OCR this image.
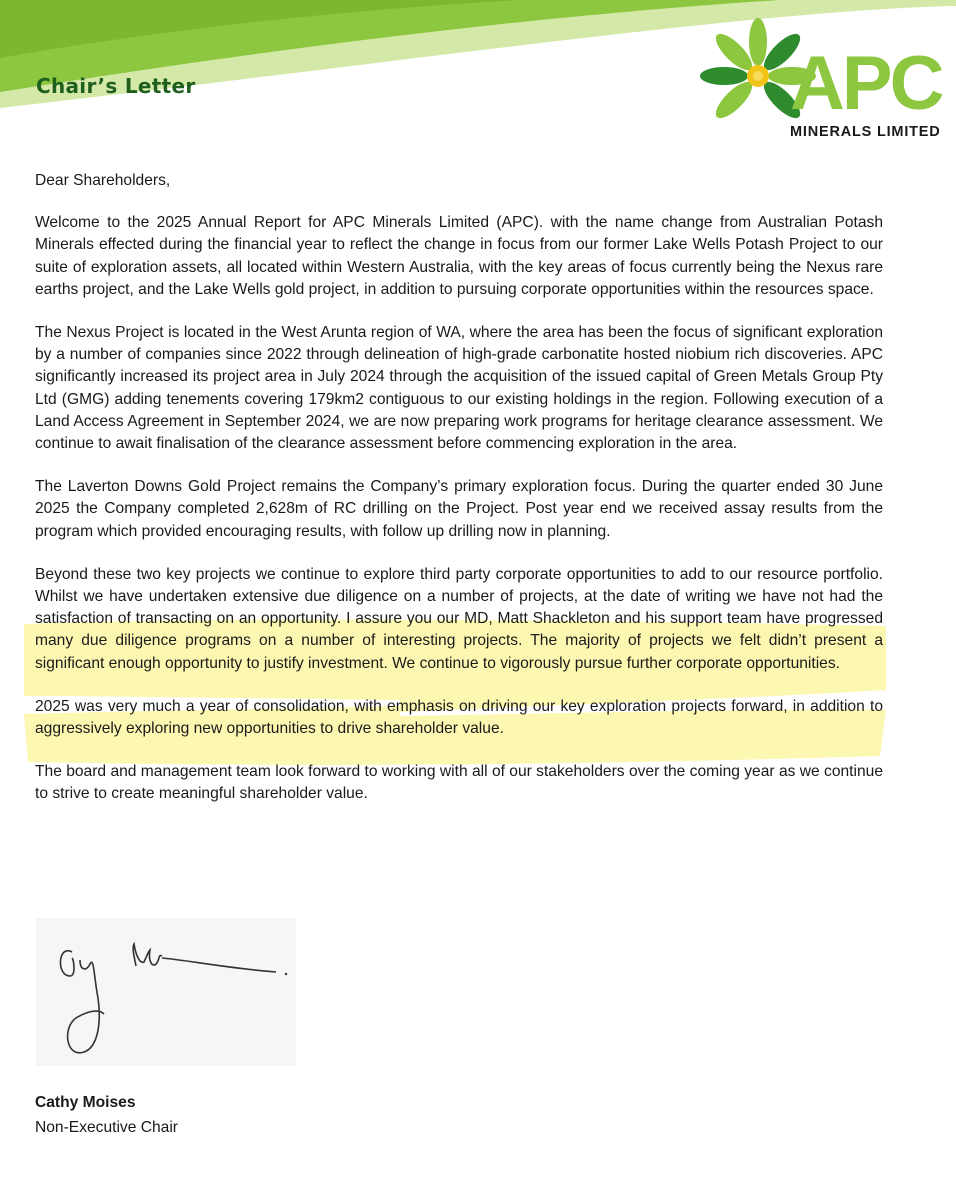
Chair’s Letter	APC
MINERALS LIMITED

Dear Shareholders,

Welcome to the 2025 Annual Report for APC Minerals Limited (APC). with the name change from Australian Potash Minerals effected during the financial year to reflect the change in focus from our former Lake Wells Potash Project to our suite of exploration assets, all located within Western Australia, with the key areas of focus currently being the Nexus rare earths project, and the Lake Wells gold project, in addition to pursuing corporate opportunities within the resources space.

The Nexus Project is located in the West Arunta region of WA, where the area has been the focus of significant exploration by a number of companies since 2022 through delineation of high-grade carbonatite hosted niobium rich discoveries. APC significantly increased its project area in July 2024 through the acquisition of the issued capital of Green Metals Group Pty Ltd (GMG) adding tenements covering 179km2 contiguous to our existing holdings in the region. Following execution of a Land Access Agreement in September 2024, we are now preparing work programs for heritage clearance assessment. We continue to await finalisation of the clearance assessment before commencing exploration in the area.

The Laverton Downs Gold Project remains the Company’s primary exploration focus. During the quarter ended 30 June 2025 the Company completed 2,628m of RC drilling on the Project. Post year end we received assay results from the program which provided encouraging results, with follow up drilling now in planning.

Beyond these two key projects we continue to explore third party corporate opportunities to add to our resource portfolio. Whilst we have undertaken extensive due diligence on a number of projects, at the date of writing we have not had the satisfaction of transacting on an opportunity. I assure you our MD, Matt Shackleton and his support team have progressed many due diligence programs on a number of interesting projects. The majority of projects we felt didn’t present a significant enough opportunity to justify investment. We continue to vigorously pursue further corporate opportunities.

2025 was very much a year of consolidation, with emphasis on driving our key exploration projects forward, in addition to aggressively exploring new opportunities to drive shareholder value.

The board and management team look forward to working with all of our stakeholders over the coming year as we continue to strive to create meaningful shareholder value.

Cathy Moises
Non-Executive Chair
